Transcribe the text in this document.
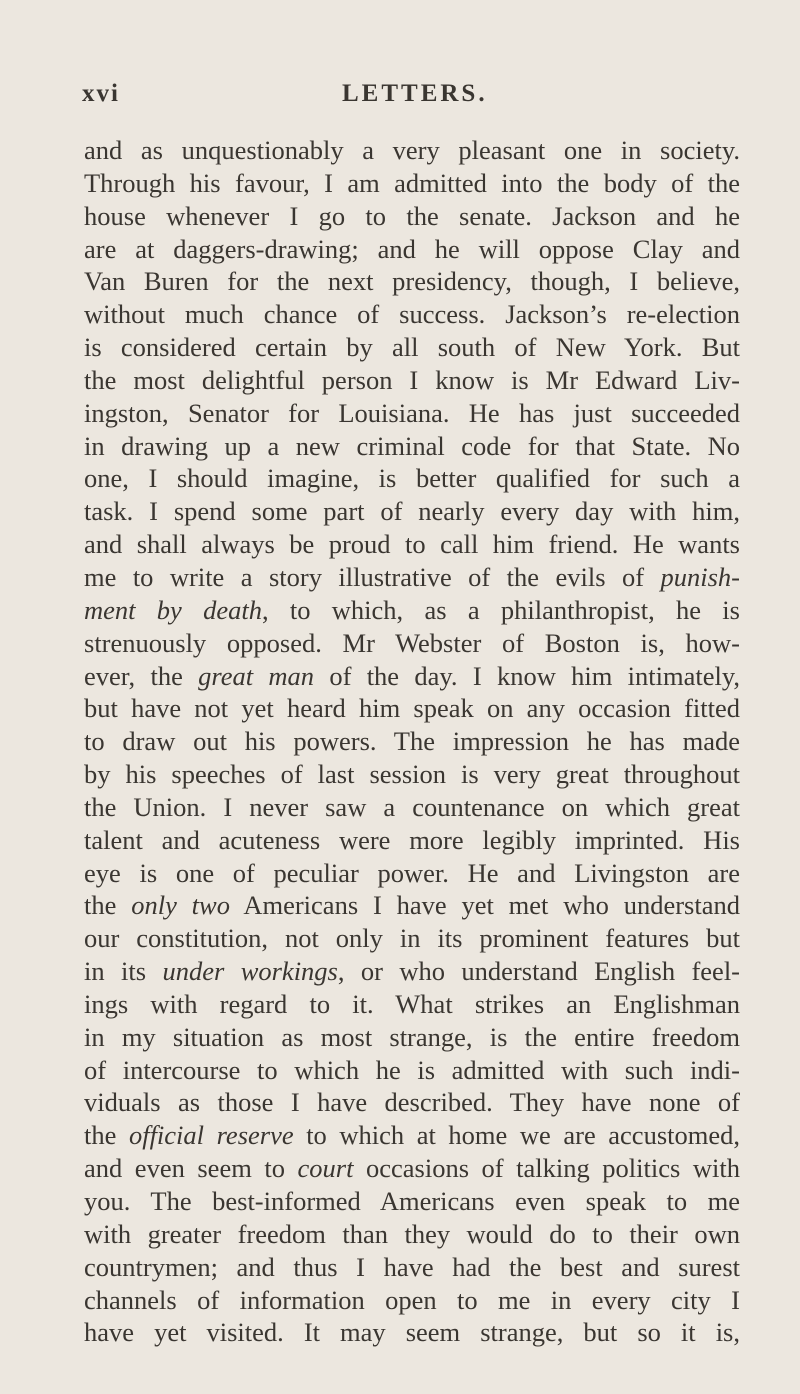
xvi	LETTERS.
and as unquestionably a very pleasant one in society.
Through his favour, I am admitted into the body of the
house whenever I go to the senate. Jackson and he
are at daggers-drawing; and he will oppose Clay and
Van Buren for the next presidency, though, I believe,
without much chance of success. Jackson’s re-election
is considered certain by all south of New York. But
the most delightful person I know is Mr Edward Liv-
ingston, Senator for Louisiana. He has just succeeded
in drawing up a new criminal code for that State. No
one, I should imagine, is better qualified for such a
task. I spend some part of nearly every day with him,
and shall always be proud to call him friend. He wants
me to write a story illustrative of the evils of punish-
ment by death, to which, as a philanthropist, he is
strenuously opposed. Mr Webster of Boston is, how-
ever, the great man of the day. I know him intimately,
but have not yet heard him speak on any occasion fitted
to draw out his powers. The impression he has made
by his speeches of last session is very great throughout
the Union. I never saw a countenance on which great
talent and acuteness were more legibly imprinted. His
eye is one of peculiar power. He and Livingston are
the only two Americans I have yet met who understand
our constitution, not only in its prominent features but
in its under workings, or who understand English feel-
ings with regard to it. What strikes an Englishman
in my situation as most strange, is the entire freedom
of intercourse to which he is admitted with such indi-
viduals as those I have described. They have none of
the official reserve to which at home we are accustomed,
and even seem to court occasions of talking politics with
you. The best-informed Americans even speak to me
with greater freedom than they would do to their own
countrymen; and thus I have had the best and surest
channels of information open to me in every city I
have yet visited. It may seem strange, but so it is,
